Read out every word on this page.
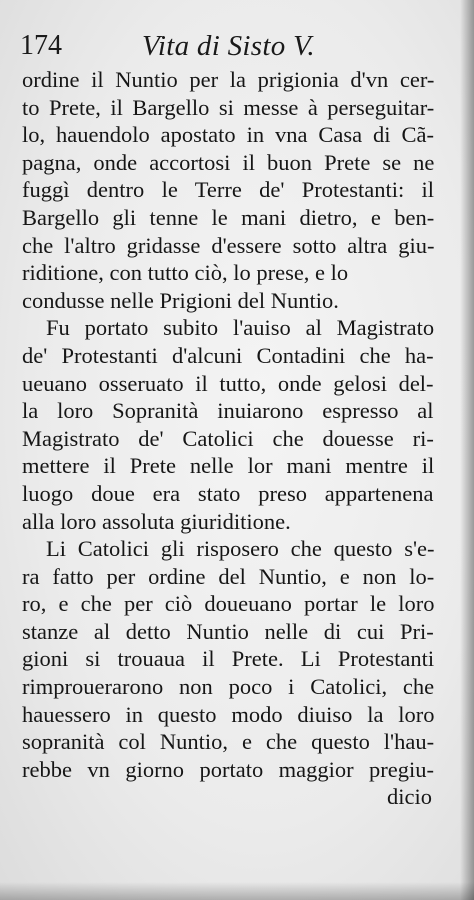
174	Vita di Sisto V.
ordine il Nuntio per la prigionia d'vn cer-
to Prete, il Bargello si messe à perseguitar-
lo, hauendolo apostato in vna Casa di Cã-
pagna, onde accortosi il buon Prete se ne
fuggì dentro le Terre de' Protestanti: il
Bargello gli tenne le mani dietro, e ben-
che l'altro gridasse d'essere sotto altra giu-
riditione, con tutto ciò, lo prese, e lo
condusse nelle Prigioni del Nuntio.
Fu portato subito l'auiso al Magistrato
de' Protestanti d'alcuni Contadini che ha-
ueuano osseruato il tutto, onde gelosi del-
la loro Sopranità inuiarono espresso al
Magistrato de' Catolici che douesse ri-
mettere il Prete nelle lor mani mentre il
luogo doue era stato preso appartenena
alla loro assoluta giuriditione.
Li Catolici gli risposero che questo s'e-
ra fatto per ordine del Nuntio, e non lo-
ro, e che per ciò doueuano portar le loro
stanze al detto Nuntio nelle di cui Pri-
gioni si trouaua il Prete. Li Protestanti
rimprouerarono non poco i Catolici, che
hauessero in questo modo diuiso la loro
sopranità col Nuntio, e che questo l'hau-
rebbe vn giorno portato maggior pregiu-
dicio
